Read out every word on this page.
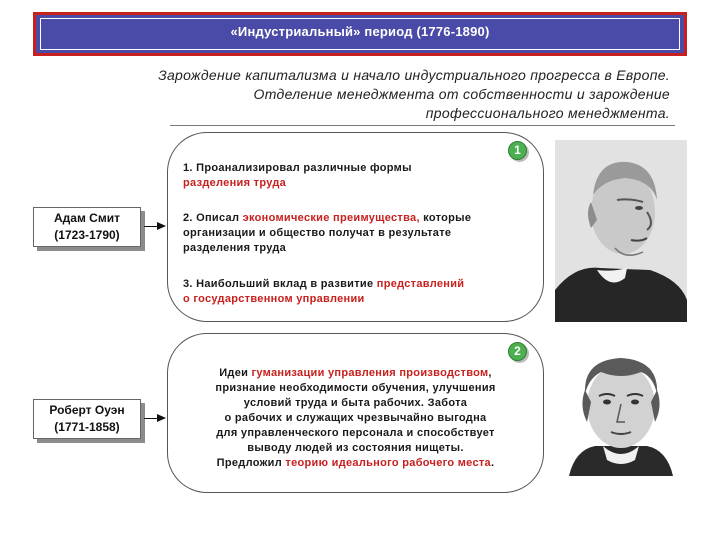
«Индустриальный» период (1776-1890)
Зарождение капитализма и начало индустриального прогресса в Европе.
Отделение менеджмента от собственности и зарождение
профессионального менеджмента.
Адам Смит
(1723-1790)
1
1. Проанализировал различные формы
разделения труда
2. Описал экономические преимущества, которые
организации и общество получат в результате
разделения труда
3. Наибольший вклад в развитие представлений
о государственном управлении
Роберт Оуэн
(1771-1858)
2
Идеи гуманизации управления производством,
признание необходимости обучения, улучшения
условий труда и быта рабочих. Забота
о рабочих и служащих чрезвычайно выгодна
для управленческого персонала и способствует
выводу людей из состояния нищеты.
Предложил теорию идеального рабочего места.
